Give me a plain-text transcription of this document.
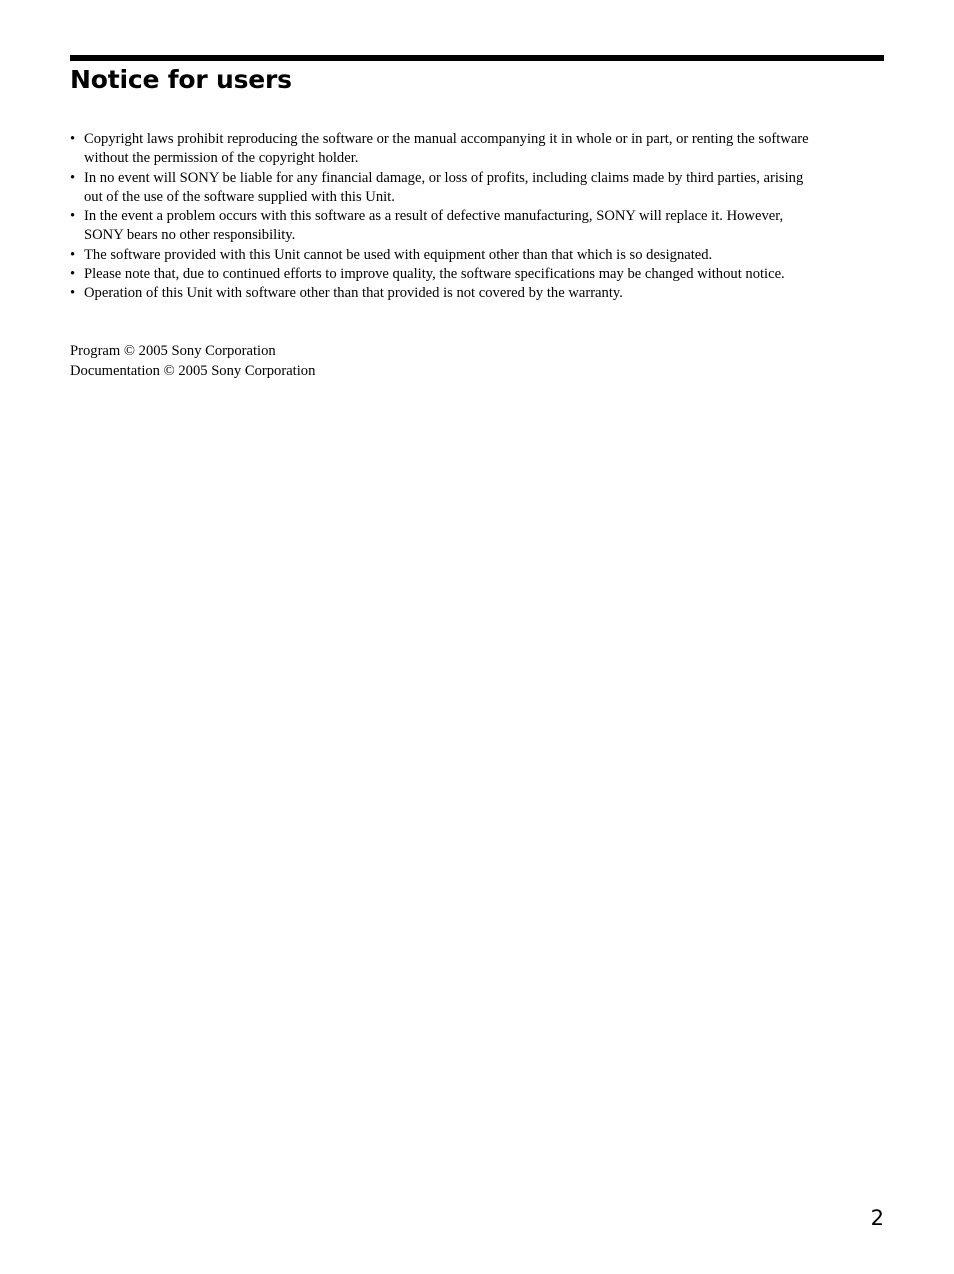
Notice for users
• Copyright laws prohibit reproducing the software or the manual accompanying it in whole or in part, or renting the software without the permission of the copyright holder.
• In no event will SONY be liable for any financial damage, or loss of profits, including claims made by third parties, arising out of the use of the software supplied with this Unit.
• In the event a problem occurs with this software as a result of defective manufacturing, SONY will replace it. However, SONY bears no other responsibility.
• The software provided with this Unit cannot be used with equipment other than that which is so designated.
• Please note that, due to continued efforts to improve quality, the software specifications may be changed without notice.
• Operation of this Unit with software other than that provided is not covered by the warranty.
Program © 2005 Sony Corporation
Documentation © 2005 Sony Corporation
2
